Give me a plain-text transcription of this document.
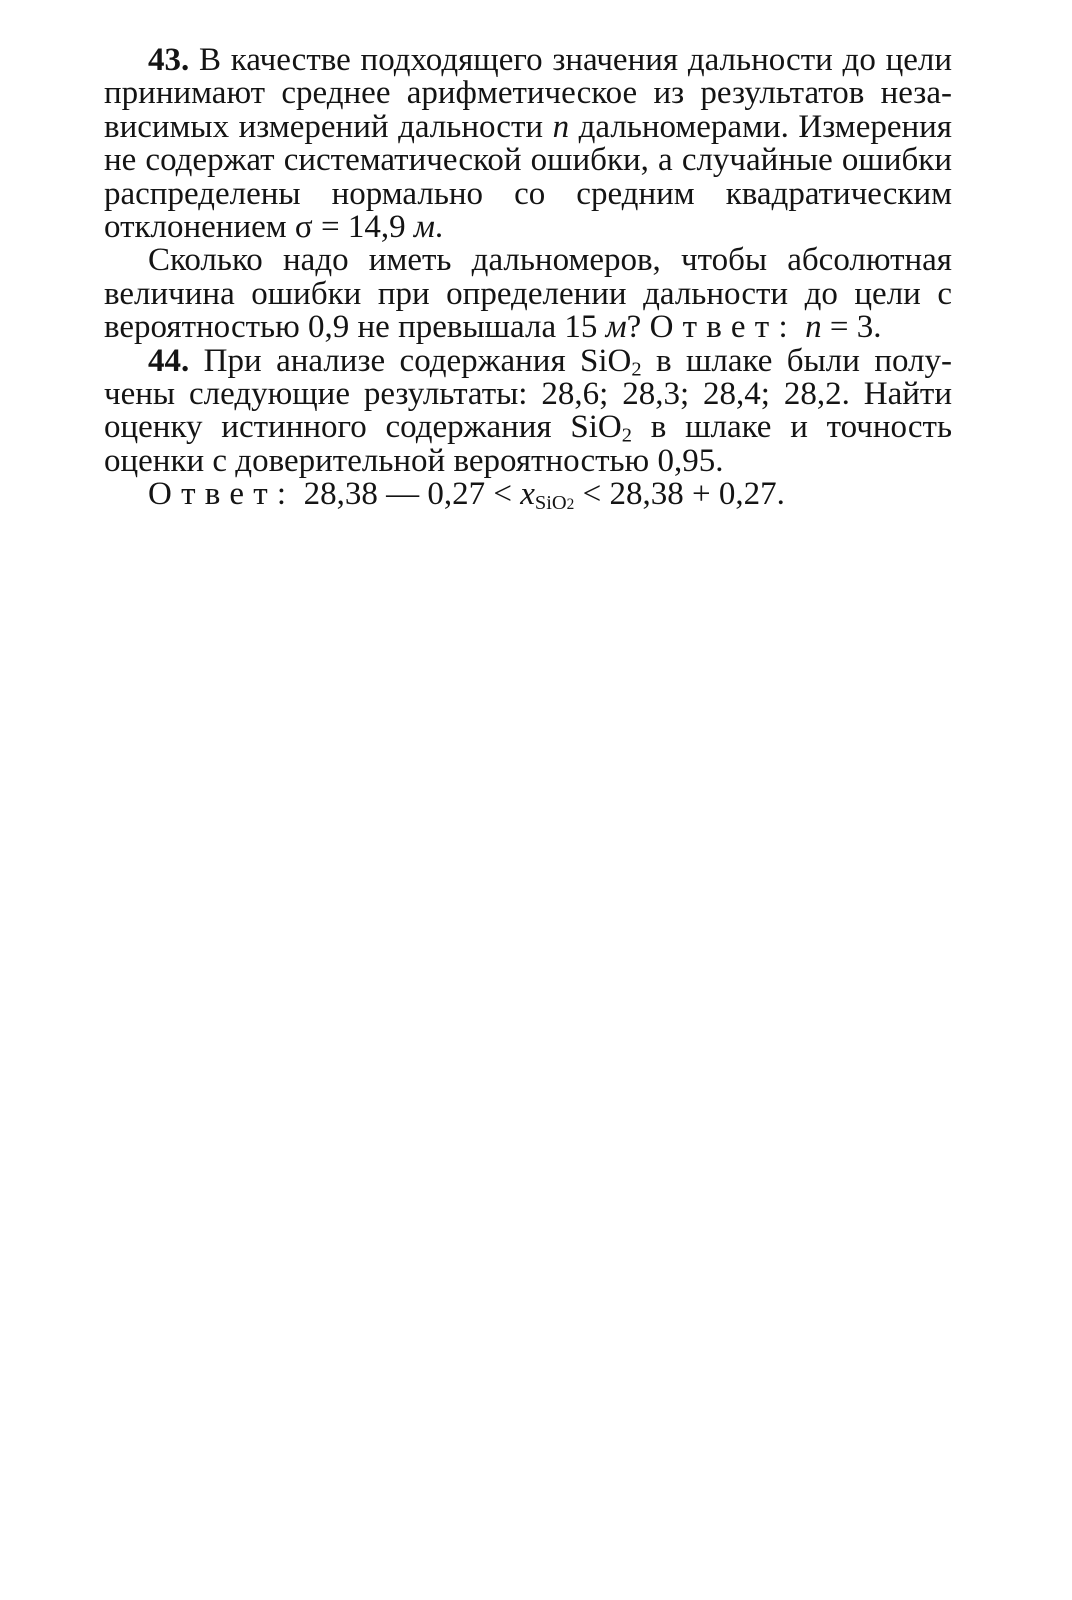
43. В качестве подходящего значения дальности до цели принимают среднее арифметическое из результатов независимых измерений дальности n дальномерами. Измерения не содержат систематической ошибки, а случайные ошибки распределены нормально со средним квадратическим отклонением σ = 14,9 м.

Сколько надо иметь дальномеров, чтобы абсолютная величина ошибки при определении дальности до цели с вероятностью 0,9 не превышала 15 м? Ответ: n = 3.

44. При анализе содержания SiO$_2$ в шлаке были получены следующие результаты: 28,6; 28,3; 28,4; 28,2. Найти оценку истинного содержания SiO$_2$ в шлаке и точность оценки с доверительной вероятностью 0,95.

Ответ: 28,38 — $0,27 < x_{SiO2} < 28,38 + 0,27$.
